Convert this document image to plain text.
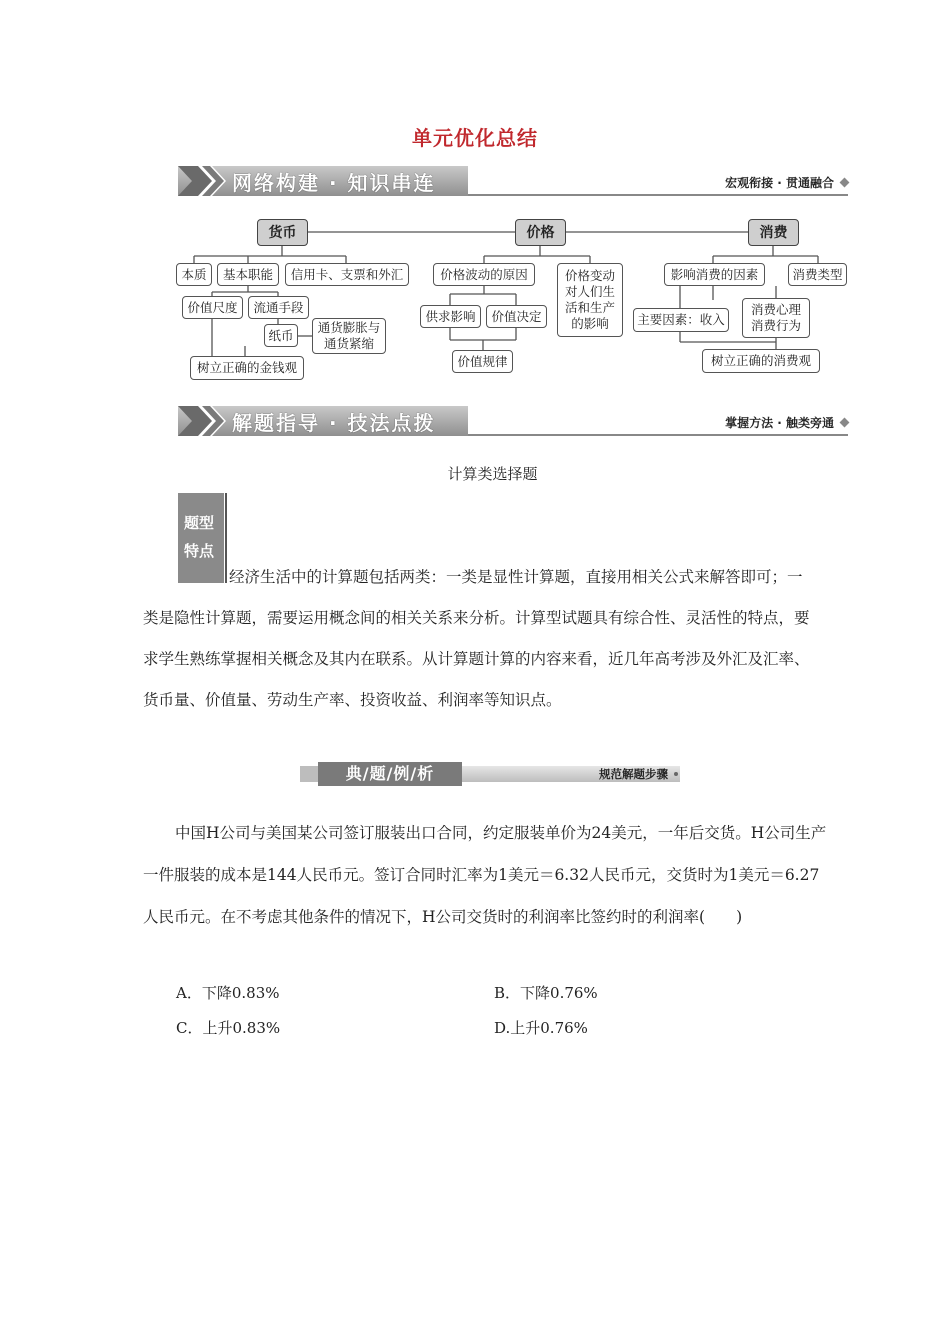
单元优化总结
网络构建 · 知识串连	宏观衔接 · 贯通融合
货币	价格	消费
本质	基本职能	信用卡、支票和外汇
价值尺度	流通手段
纸币	通货膨胀与
通货紧缩
树立正确的金钱观
价格波动的原因	价格变动
对人们生
活和生产
的影响
供求影响	价值决定
价值规律
影响消费的因素	消费类型
主要因素：收入
消费心理
消费行为
树立正确的消费观
解题指导 · 技法点拨	掌握方法 · 触类旁通
计算类选择题
题型
特点
经济生活中的计算题包括两类：一类是显性计算题，直接用相关公式来解答即可；一类是隐性计算题，需要运用概念间的相关关系来分析。计算型试题具有综合性、灵活性的特点，要求学生熟练掌握相关概念及其内在联系。从计算题计算的内容来看，近几年高考涉及外汇及汇率、货币量、价值量、劳动生产率、投资收益、利润率等知识点。
典/题/例/析	规范解题步骤
中国H公司与美国某公司签订服装出口合同，约定服装单价为24美元，一年后交货。H公司生产一件服装的成本是144人民币元。签订合同时汇率为1美元＝6.32人民币元，交货时为1美元＝6.27人民币元。在不考虑其他条件的情况下，H公司交货时的利润率比签约时的利润率(　　)
A．下降0.83%	B．下降0.76%
C．上升0.83%	D.上升0.76%
